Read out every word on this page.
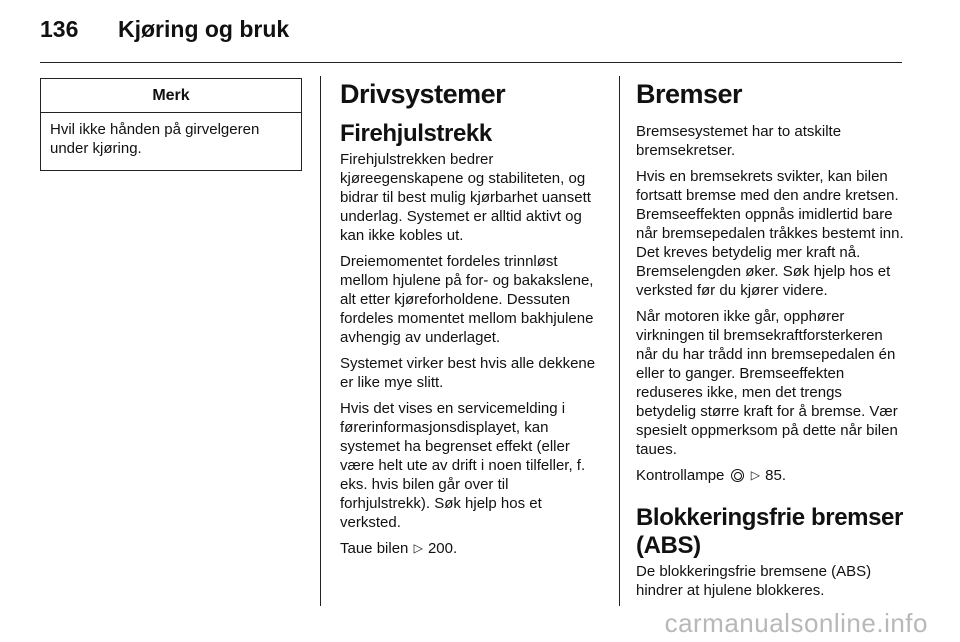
136 Kjøring og bruk
Merk
Hvil ikke hånden på girvelgeren under kjøring.
Drivsystemer
Firehjulstrekk

Firehjulstrekken bedrer kjøreegenskapene og stabiliteten, og bidrar til best mulig kjørbarhet uansett underlag. Systemet er alltid aktivt og kan ikke kobles ut.

Dreiemomentet fordeles trinnløst mellom hjulene på for- og bakakslene, alt etter kjøreforholdene. Dessuten fordeles momentet mellom bakhjulene avhengig av underlaget.

Systemet virker best hvis alle dekkene er like mye slitt.

Hvis det vises en servicemelding i førerinformasjonsdisplayet, kan systemet ha begrenset effekt (eller være helt ute av drift i noen tilfeller, f. eks. hvis bilen går over til forhjulstrekk). Søk hjelp hos et verksted.

Taue bilen ▷ 200.

Bremser

Bremsesystemet har to atskilte bremsekretser.

Hvis en bremsekrets svikter, kan bilen fortsatt bremse med den andre kretsen. Bremseeffekten oppnås imidlertid bare når bremsepedalen tråkkes bestemt inn. Det kreves betydelig mer kraft nå. Bremselengden øker. Søk hjelp hos et verksted før du kjører videre.

Når motoren ikke går, opphører virkningen til bremsekraftforsterkeren når du har trådd inn bremsepedalen én eller to ganger. Bremseeffekten reduseres ikke, men det trengs betydelig større kraft for å bremse. Vær spesielt oppmerksom på dette når bilen taues.

Kontrollampe ▷ 85.

Blokkeringsfrie bremser (ABS)

De blokkeringsfrie bremsene (ABS) hindrer at hjulene blokkeres.

carmanualsonline.info
